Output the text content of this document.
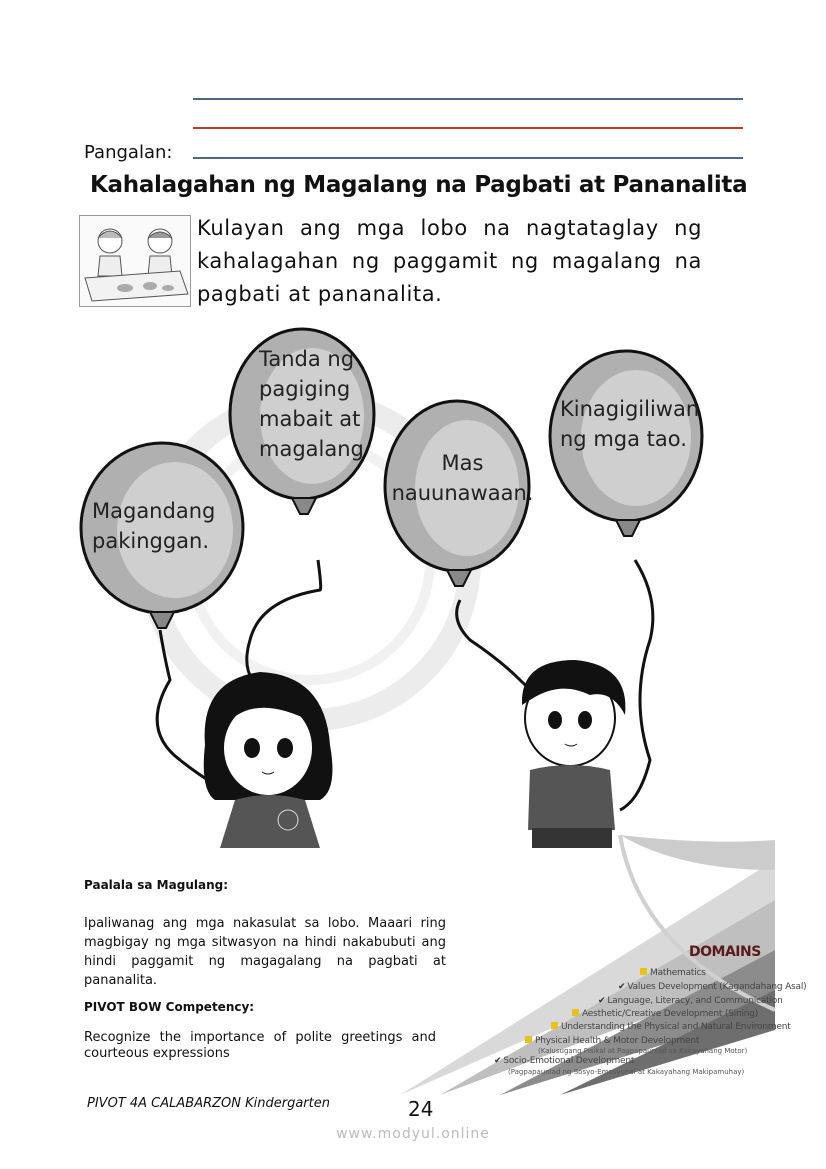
Pangalan:
Kahalagahan ng Magalang na Pagbati at Pananalita
Kulayan ang mga lobo na nagtataglay ng kahalagahan ng paggamit ng magalang na pagbati at pananalita.
Magandang
pakinggan.
Tanda ng
pagiging
mabait at
magalang
Mas
nauunawaan.
Kinagigiliwan
ng mga tao.
Paalala sa Magulang:
Ipaliwanag ang mga nakasulat sa lobo. Maaari ring magbigay ng mga sitwasyon na hindi nakabubuti ang hindi paggamit ng magagalang na pagbati at pananalita.
PIVOT BOW Competency:
Recognize the importance of polite greetings and courteous expressions
DOMAINS
Mathematics
✔ Values Development (Kagandahang Asal)
✔ Language, Literacy, and Communication
Aesthetic/Creative Development (Sining)
Understanding the Physical and Natural Environment
Physical Health & Motor Development
(Kalusugang Pisikal at Pagpapaunlad sa Kakayahang Motor)
✔ Socio-Emotional Development
(Pagpapaunlad ng Sosyo-Emosyunal at Kakayahang Makipamuhay)
PIVOT 4A CALABARZON Kindergarten	24
www.modyul.online
